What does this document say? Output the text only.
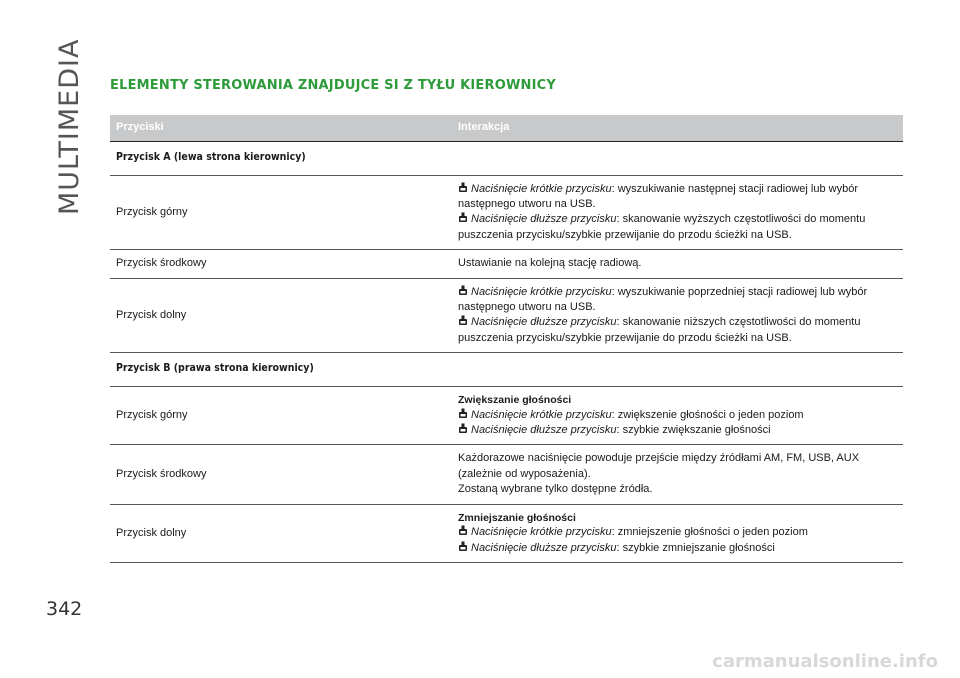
MULTIMEDIA
342
ELEMENTY STEROWANIA ZNAJDUJCE SI Z TYŁU KIEROWNICY
Przyciski	Interakcja
Przycisk A (lewa strona kierownicy)	
Przycisk górny	Naciśnięcie krótkie przycisku: wyszukiwanie następnej stacji radiowej lub wybór następnego utworu na USB.
Naciśnięcie dłuższe przycisku: skanowanie wyższych częstotliwości do momentu puszczenia przycisku/szybkie przewijanie do przodu ścieżki na USB.

Przycisk środkowy	Ustawianie na kolejną stację radiową.
Przycisk dolny	Naciśnięcie krótkie przycisku: wyszukiwanie poprzedniej stacji radiowej lub wybór następnego utworu na USB.
Naciśnięcie dłuższe przycisku: skanowanie niższych częstotliwości do momentu puszczenia przycisku/szybkie przewijanie do przodu ścieżki na USB.

Przycisk B (prawa strona kierownicy)	
Przycisk górny	Zwiększanie głośności
Naciśnięcie krótkie przycisku: zwiększenie głośności o jeden poziom
Naciśnięcie dłuższe przycisku: szybkie zwiększanie głośności

Przycisk środkowy	Każdorazowe naciśnięcie powoduje przejście między źródłami AM, FM, USB, AUX (zależnie od wyposażenia).
Zostaną wybrane tylko dostępne źródła.

Przycisk dolny	Zmniejszanie głośności
Naciśnięcie krótkie przycisku: zmniejszenie głośności o jeden poziom
Naciśnięcie dłuższe przycisku: szybkie zmniejszanie głośności
carmanualsonline.info
